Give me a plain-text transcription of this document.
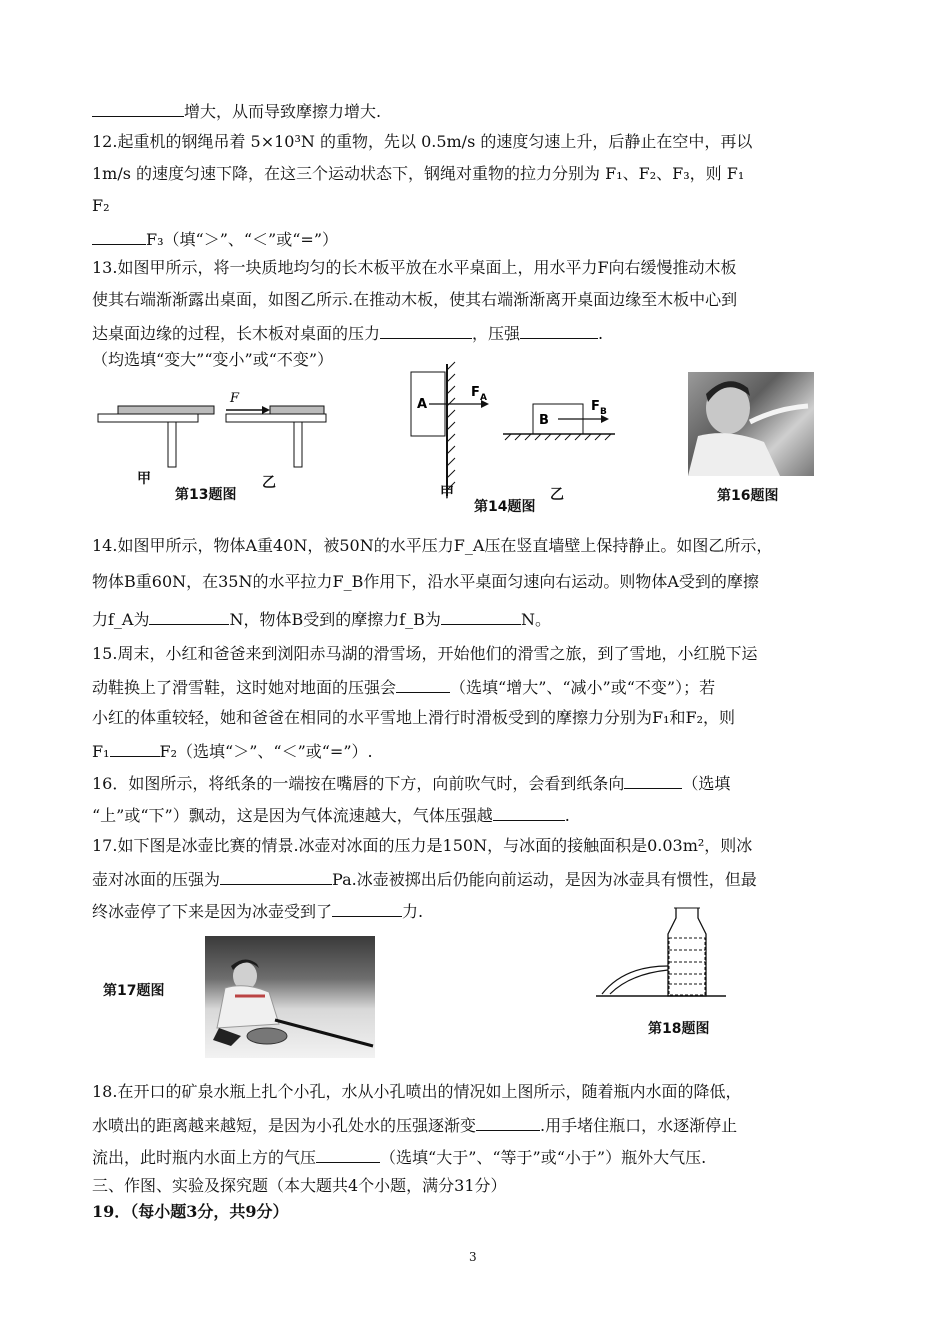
增大，从而导致摩擦力增大.
12.起重机的钢绳吊着 5×10³N 的重物，先以 0.5m/s 的速度匀速上升，后静止在空中，再以
1m/s 的速度匀速下降，在这三个运动状态下，钢绳对重物的拉力分别为 F₁、F₂、F₃，则 F₁
F₂
F₃（填“＞”、“＜”或“=”）
13.如图甲所示，将一块质地均匀的长木板平放在水平桌面上，用水平力F向右缓慢推动木板
使其右端渐渐露出桌面，如图乙所示.在推动木板，使其右端渐渐离开桌面边缘至木板中心到
达桌面边缘的过程，长木板对桌面的压力	，压强	.
（均选填“变大”“变小”或“不变”）
F
甲	乙
第13题图
A
F A
B
F B
甲	乙
第14题图
第16题图
14.如图甲所示，物体A重40N，被50N的水平压力F_A压在竖直墙壁上保持静止。如图乙所示，
物体B重60N，在35N的水平拉力F_B作用下，沿水平桌面匀速向右运动。则物体A受到的摩擦
力f_A为	N，物体B受到的摩擦力f_B为	N。
15.周末，小红和爸爸来到浏阳赤马湖的滑雪场，开始他们的滑雪之旅，到了雪地，小红脱下运
动鞋换上了滑雪鞋，这时她对地面的压强会	（选填“增大”、“减小”或“不变”）；若
小红的体重较轻，她和爸爸在相同的水平雪地上滑行时滑板受到的摩擦力分别为F₁和F₂，则
F₁	F₂（选填“＞”、“＜”或“=”）.
16．如图所示，将纸条的一端按在嘴唇的下方，向前吹气时，会看到纸条向	（选填
“上”或“下”）飘动，这是因为气体流速越大，气体压强越	.
17.如下图是冰壶比赛的情景.冰壶对冰面的压力是150N，与冰面的接触面积是0.03m²，则冰
壶对冰面的压强为	Pa.冰壶被掷出后仍能向前运动，是因为冰壶具有惯性，但最
终冰壶停了下来是因为冰壶受到了	力.
第17题图
第18题图
18.在开口的矿泉水瓶上扎个小孔，水从小孔喷出的情况如上图所示，随着瓶内水面的降低，
水喷出的距离越来越短，是因为小孔处水的压强逐渐变	.用手堵住瓶口，水逐渐停止
流出，此时瓶内水面上方的气压	（选填“大于”、“等于”或“小于”）瓶外大气压.
三、作图、实验及探究题（本大题共4个小题，满分31分）
19．（每小题3分，共9分）
3
